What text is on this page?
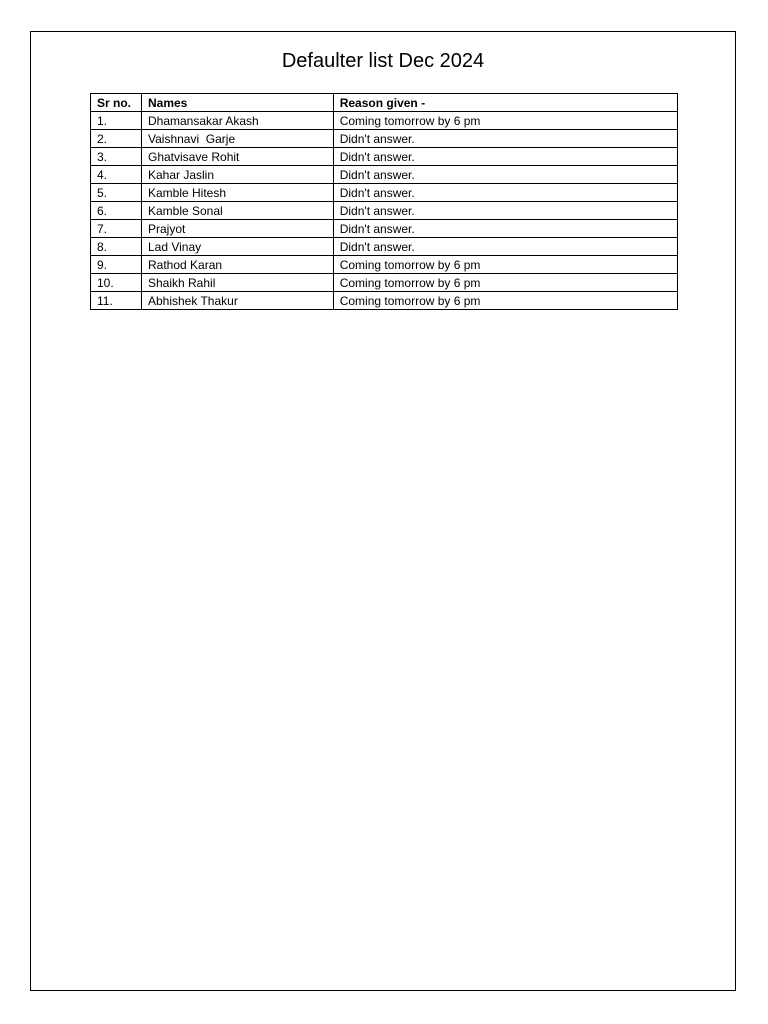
Defaulter list Dec 2024
Sr no.	Names	Reason given -
1.	Dhamansakar Akash	Coming tomorrow by 6 pm
2.	Vaishnavi  Garje	Didn't answer.
3.	Ghatvisave Rohit	Didn't answer.
4.	Kahar Jaslin	Didn't answer.
5.	Kamble Hitesh	Didn't answer.
6.	Kamble Sonal	Didn't answer.
7.	Prajyot	Didn't answer.
8.	Lad Vinay	Didn't answer.
9.	Rathod Karan	Coming tomorrow by 6 pm
10.	Shaikh Rahil	Coming tomorrow by 6 pm
11.	Abhishek Thakur	Coming tomorrow by 6 pm
